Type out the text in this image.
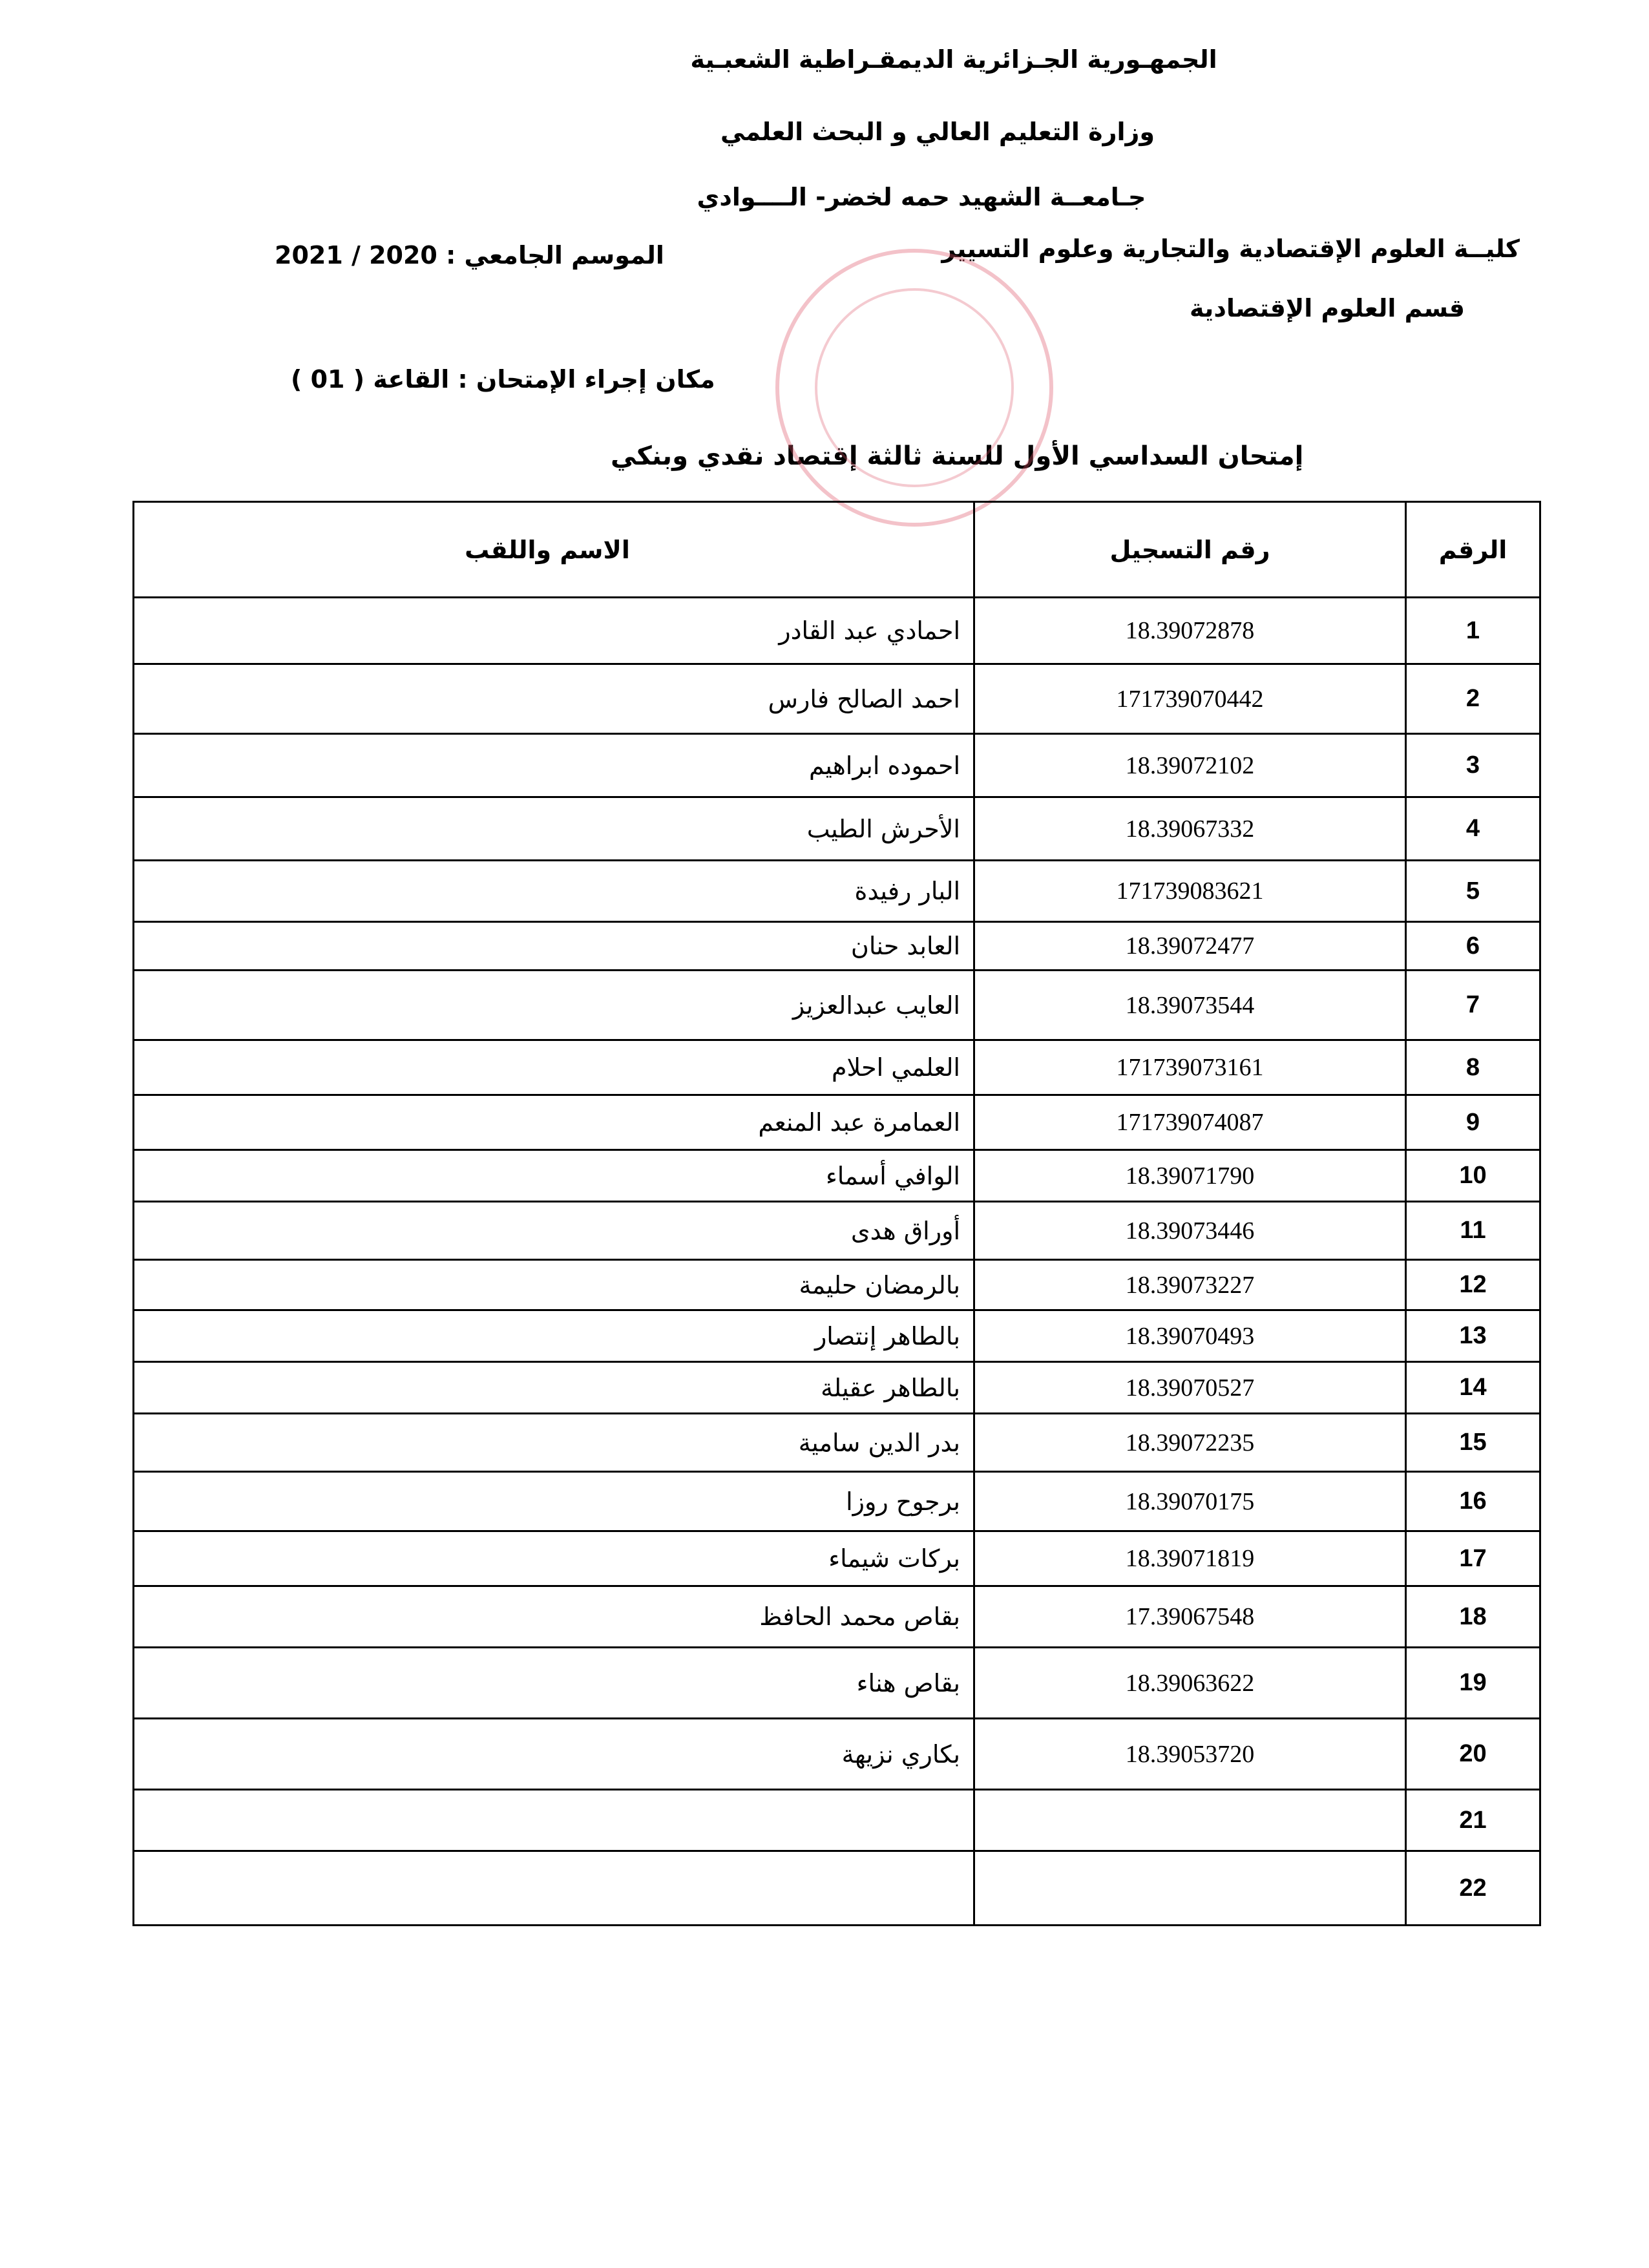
الجمهـورية الجـزائرية الديمقـراطية الشعبـية
وزارة التعليم العالي و البحث العلمي
جـامعــة الشهيد حمه لخضر- الــــوادي
كليــة العلوم الإقتصادية والتجارية وعلوم التسيير
الموسم الجامعي : 2020 / 2021
قسم العلوم الإقتصادية
مكان إجراء الإمتحان : القاعة ( 01 )
إمتحان السداسي الأول للسنة ثالثة إقتصاد نقدي وبنكي
الرقم	رقم التسجيل	الاسم واللقب
1	18.39072878	احمادي عبد القادر
2	171739070442	احمد الصالح فارس
3	18.39072102	احموده ابراهيم
4	18.39067332	الأحرش الطيب
5	171739083621	البار رفيدة
6	18.39072477	العابد حنان
7	18.39073544	العايب عبدالعزيز
8	171739073161	العلمي احلام
9	171739074087	العمامرة عبد المنعم
10	18.39071790	الوافي أسماء
11	18.39073446	أوراق هدى
12	18.39073227	بالرمضان حليمة
13	18.39070493	بالطاهر إنتصار
14	18.39070527	بالطاهر عقيلة
15	18.39072235	بدر الدين سامية
16	18.39070175	برجوح روزا
17	18.39071819	بركات شيماء
18	17.39067548	بقاص محمد الحافظ
19	18.39063622	بقاص هناء
20	18.39053720	بكاري نزيهة
21		
22		
